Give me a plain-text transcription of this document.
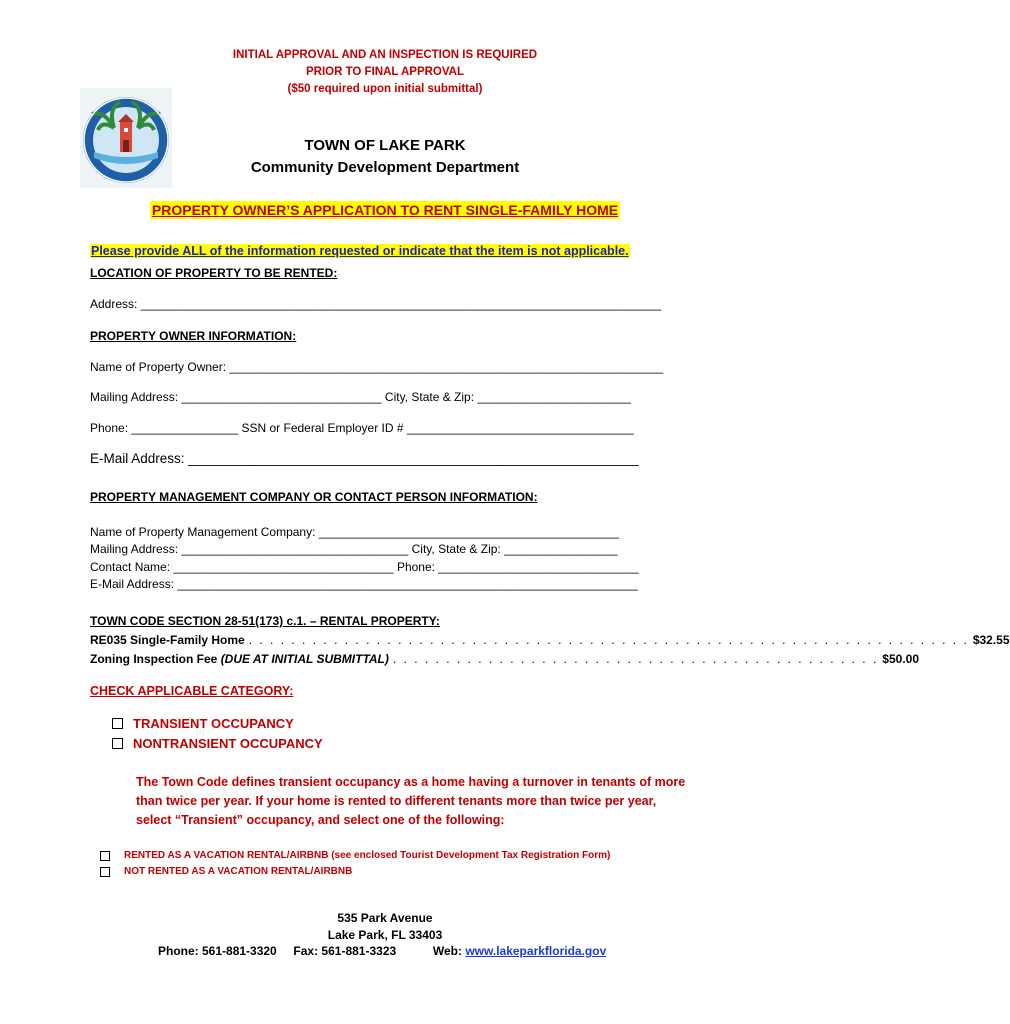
INITIAL APPROVAL AND AN INSPECTION IS REQUIRED
PRIOR TO FINAL APPROVAL
($50 required upon initial submittal)
TOWN OF LAKE PARK
Community Development Department
PROPERTY OWNER’S APPLICATION TO RENT SINGLE-FAMILY HOME
Please provide ALL of the information requested or indicate that the item is not applicable.
LOCATION OF PROPERTY TO BE RENTED:
Address: ______________________________________________________________________________
PROPERTY OWNER INFORMATION:
Name of Property Owner: _________________________________________________________________
Mailing Address: ______________________________ City, State & Zip: _______________________
Phone: ________________ SSN or Federal Employer ID # __________________________________
E-Mail Address: ____________________________________________________________
PROPERTY MANAGEMENT COMPANY OR CONTACT PERSON INFORMATION:
Name of Property Management Company: _____________________________________________
Mailing Address: __________________________________ City, State & Zip: _________________
Contact Name: _________________________________ Phone: ______________________________
E-Mail Address: _____________________________________________________________________
TOWN CODE SECTION 28-51(173) c.1. – RENTAL PROPERTY:
RE035 Single-Family Home . . . . . . . . . . . . . . . . . . . . . . . . . . . . . . . . . . . . . . . . . . . . . . . . . . . . . . . . . . . . . . . . . . . . $32.55
Zoning Inspection Fee (DUE AT INITIAL SUBMITTAL) . . . . . . . . . . . . . . . . . . . . . . . . . . . . . . . . . . . . . . . . . . . . . . $50.00
CHECK APPLICABLE CATEGORY:
TRANSIENT OCCUPANCY
NONTRANSIENT OCCUPANCY
The Town Code defines transient occupancy as a home having a turnover in tenants of more than twice per year. If your home is rented to different tenants more than twice per year, select “Transient” occupancy, and select one of the following:
RENTED AS A VACATION RENTAL/AIRBNB (see enclosed Tourist Development Tax Registration Form)
NOT RENTED AS A VACATION RENTAL/AIRBNB
535 Park Avenue
Lake Park, FL 33403
Phone: 561-881-3320 Fax: 561-881-3323	Web: www.lakeparkflorida.gov
